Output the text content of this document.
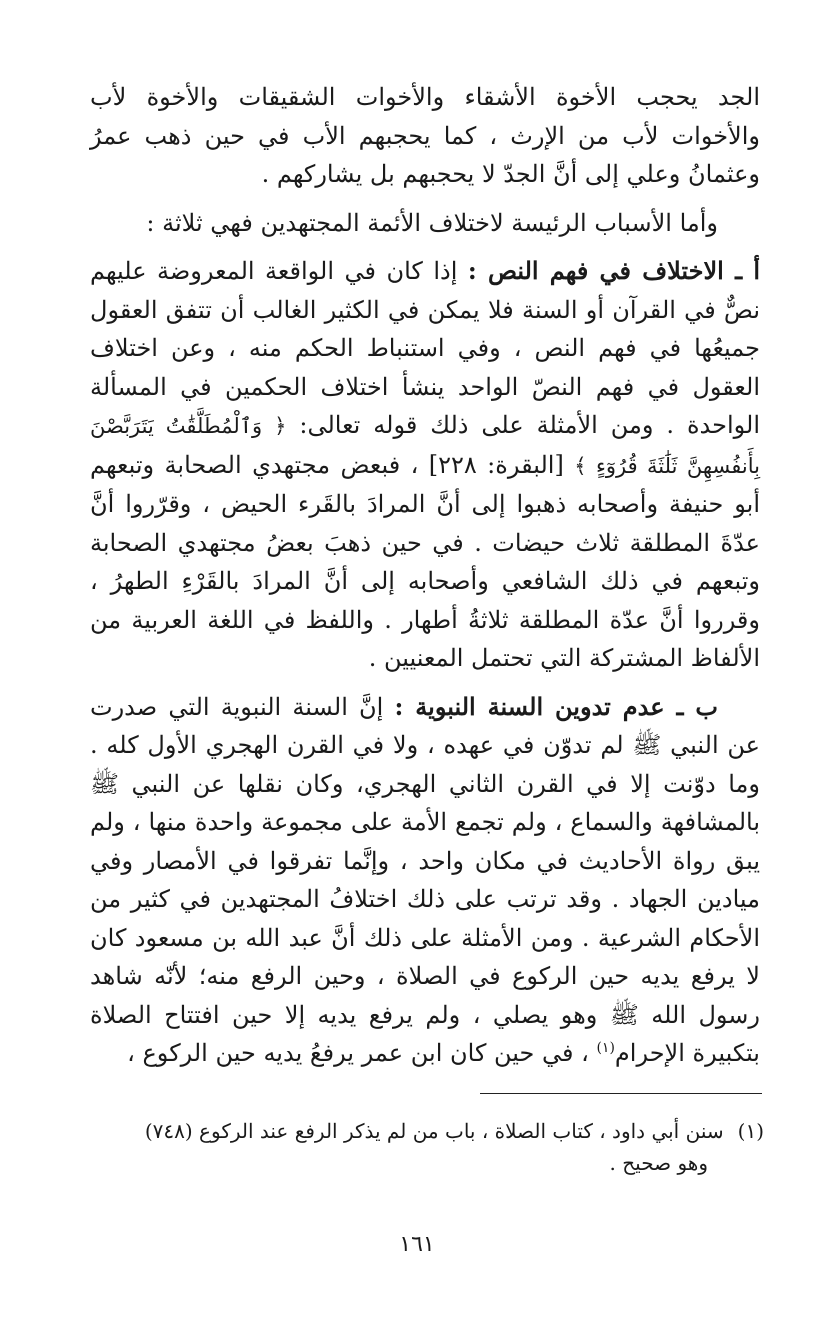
الجد يحجب الأخوة الأشقاء والأخوات الشقيقات والأخوة لأب والأخوات لأب من الإرث ، كما يحجبهم الأب في حين ذهب عمرُ وعثمانُ وعلي إلى أنَّ الجدّ لا يحجبهم بل يشاركهم .

وأما الأسباب الرئيسة لاختلاف الأئمة المجتهدين فهي ثلاثة :

أ ـ الاختلاف في فهم النص : إذا كان في الواقعة المعروضة عليهم نصٌّ في القرآن أو السنة فلا يمكن في الكثير الغالب أن تتفق العقول جميعُها في فهم النص ، وفي استنباط الحكم منه ، وعن اختلاف العقول في فهم النصّ الواحد ينشأ اختلاف الحكمين في المسألة الواحدة . ومن الأمثلة على ذلك قوله تعالى: ﴿ وَٱلْمُطَلَّقَٰتُ يَتَرَبَّصْنَ بِأَنفُسِهِنَّ ثَلَٰثَةَ قُرُوٓءٍ ﴾ [البقرة: ٢٢٨] ، فبعض مجتهدي الصحابة وتبعهم أبو حنيفة وأصحابه ذهبوا إلى أنَّ المرادَ بالقَرء الحيض ، وقرّروا أنَّ عدّةَ المطلقة ثلاث حيضات . في حين ذهبَ بعضُ مجتهدي الصحابة وتبعهم في ذلك الشافعي وأصحابه إلى أنَّ المرادَ بالقَرْءِ الطهرُ ، وقرروا أنَّ عدّة المطلقة ثلاثةُ أطهار . واللفظ في اللغة العربية من الألفاظ المشتركة التي تحتمل المعنيين .

ب ـ عدم تدوين السنة النبوية : إنَّ السنة النبوية التي صدرت عن النبي ﷺ لم تدوّن في عهده ، ولا في القرن الهجري الأول كله . وما دوّنت إلا في القرن الثاني الهجري، وكان نقلها عن النبي ﷺ بالمشافهة والسماع ، ولم تجمع الأمة على مجموعة واحدة منها ، ولم يبق رواة الأحاديث في مكان واحد ، وإنَّما تفرقوا في الأمصار وفي ميادين الجهاد . وقد ترتب على ذلك اختلافُ المجتهدين في كثير من الأحكام الشرعية . ومن الأمثلة على ذلك أنَّ عبد الله بن مسعود كان لا يرفع يديه حين الركوع في الصلاة ، وحين الرفع منه؛ لأنّه شاهد رسول الله ﷺ وهو يصلي ، ولم يرفع يديه إلا حين افتتاح الصلاة بتكبيرة الإحرام$^{(١)}$ ، في حين كان ابن عمر يرفعُ يديه حين الركوع ،

(١)سنن أبي داود ، كتاب الصلاة ، باب من لم يذكر الرفع عند الركوع (٧٤٨)
وهو صحيح .
١٦١
